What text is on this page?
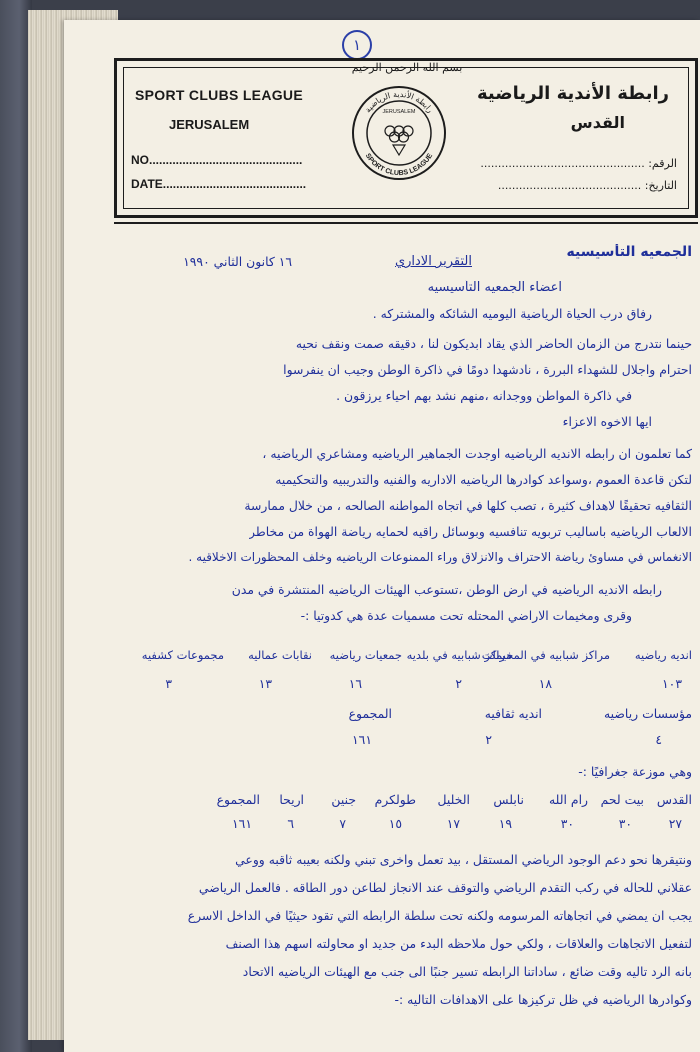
١
بسم الله الرحمن الرحيم
SPORT CLUBS LEAGUE
JERUSALEM
NO..............................................
DATE...........................................
رابطة الأندية الرياضية
القدس
الرقم: ...............................................
التاريخ: .........................................
رابطة الأندية الرياضية
SPORT CLUBS LEAGUE
JERUSALEM
الجمعيه التأسيسيه
التقرير الاداري
١٦ كانون الثاني ١٩٩٠
اعضاء الجمعيه التأسيسيه
رفاق درب الحياة الرياضية اليوميه الشائكه والمشتركه .
حينما نتدرج من الزمان الحاضر الذي يقاد ابديكون لنا ، دقيقه صمت ونقف نحيه
احترام واجلال للشهداء البررة ، نادشهدا دومًا في ذاكرة الوطن وجيب ان ينفرسوا
في ذاكرة المواطن ووجدانه ،منهم نشد بهم احياء يرزقون .
ايها الاخوه الاعزاء
كما تعلمون ان رابطه الانديه الرياضيه اوجدت الجماهير الرياضيه ومشاعري الرياضيه ،
لتكن قاعدة العموم ،وسواعد كوادرها الرياضيه الاداريه والفنيه والتدريبيه والتحكيميه
الثقافيه تحقيقًا لاهداف كثيرة ، تصب كلها في اتجاه المواطنه الصالحه ، من خلال ممارسة
الالعاب الرياضيه باساليب تربويه تنافسيه وبوسائل راقيه لحمايه رياضة الهواة من مخاطر
الانغماس في مساوئ رياضة الاحتراف والانزلاق وراء الممنوعات الرياضيه وخلف المحظورات الاخلاقيه .
رابطه الانديه الرياضيه في ارض الوطن ،تستوعب الهيئات الرياضيه المنتشرة في مدن
وقرى ومخيمات الاراضي المحتله تحت مسميات عدة هي كدوتيا :-
انديه رياضيه
مراكز شبابيه في المخيمات
مراكز شبابيه في بلديه
جمعيات رياضيه
نقابات عماليه
مجموعات كشفيه
١٠٣
١٨
٢
١٦
١٣
٣
مؤسسات رياضيه
انديه ثقافيه
المجموع
٤
٢
١٦١
وهي موزعة جغرافيًا :-
القدس
بيت لحم
رام الله
نابلس
الخليل
طولكرم
جنين
اريحا
المجموع
٢٧
٣٠
٣٠
١٩
١٧
١٥
٧
٦
١٦١
ونتيقرها نحو دعم الوجود الرياضي المستقل ، بيد تعمل واخرى تبني ولكنه بعيبه ثاقبه ووعي
عقلاني للحاله في ركب التقدم الرياضي والتوقف عند الانجاز لطاعن دور الطاقه . فالعمل الرياضي
يجب ان يمضي في اتجاهاته المرسومه ولكنه تحت سلطة الرابطه التي تقود حيثيًا في الداخل الاسرع
لتفعيل الاتجاهات والعلاقات ، ولكي حول ملاحظه البدء من جديد او محاولته اسهم هذا الصنف
بانه الرد تاليه وقت ضائع ، ساداتنا الرابطه تسير جنبًا الى جنب مع الهيئات الرياضيه الاتحاد
وكوادرها الرياضيه في ظل تركيزها على الاهدافات التاليه :-
